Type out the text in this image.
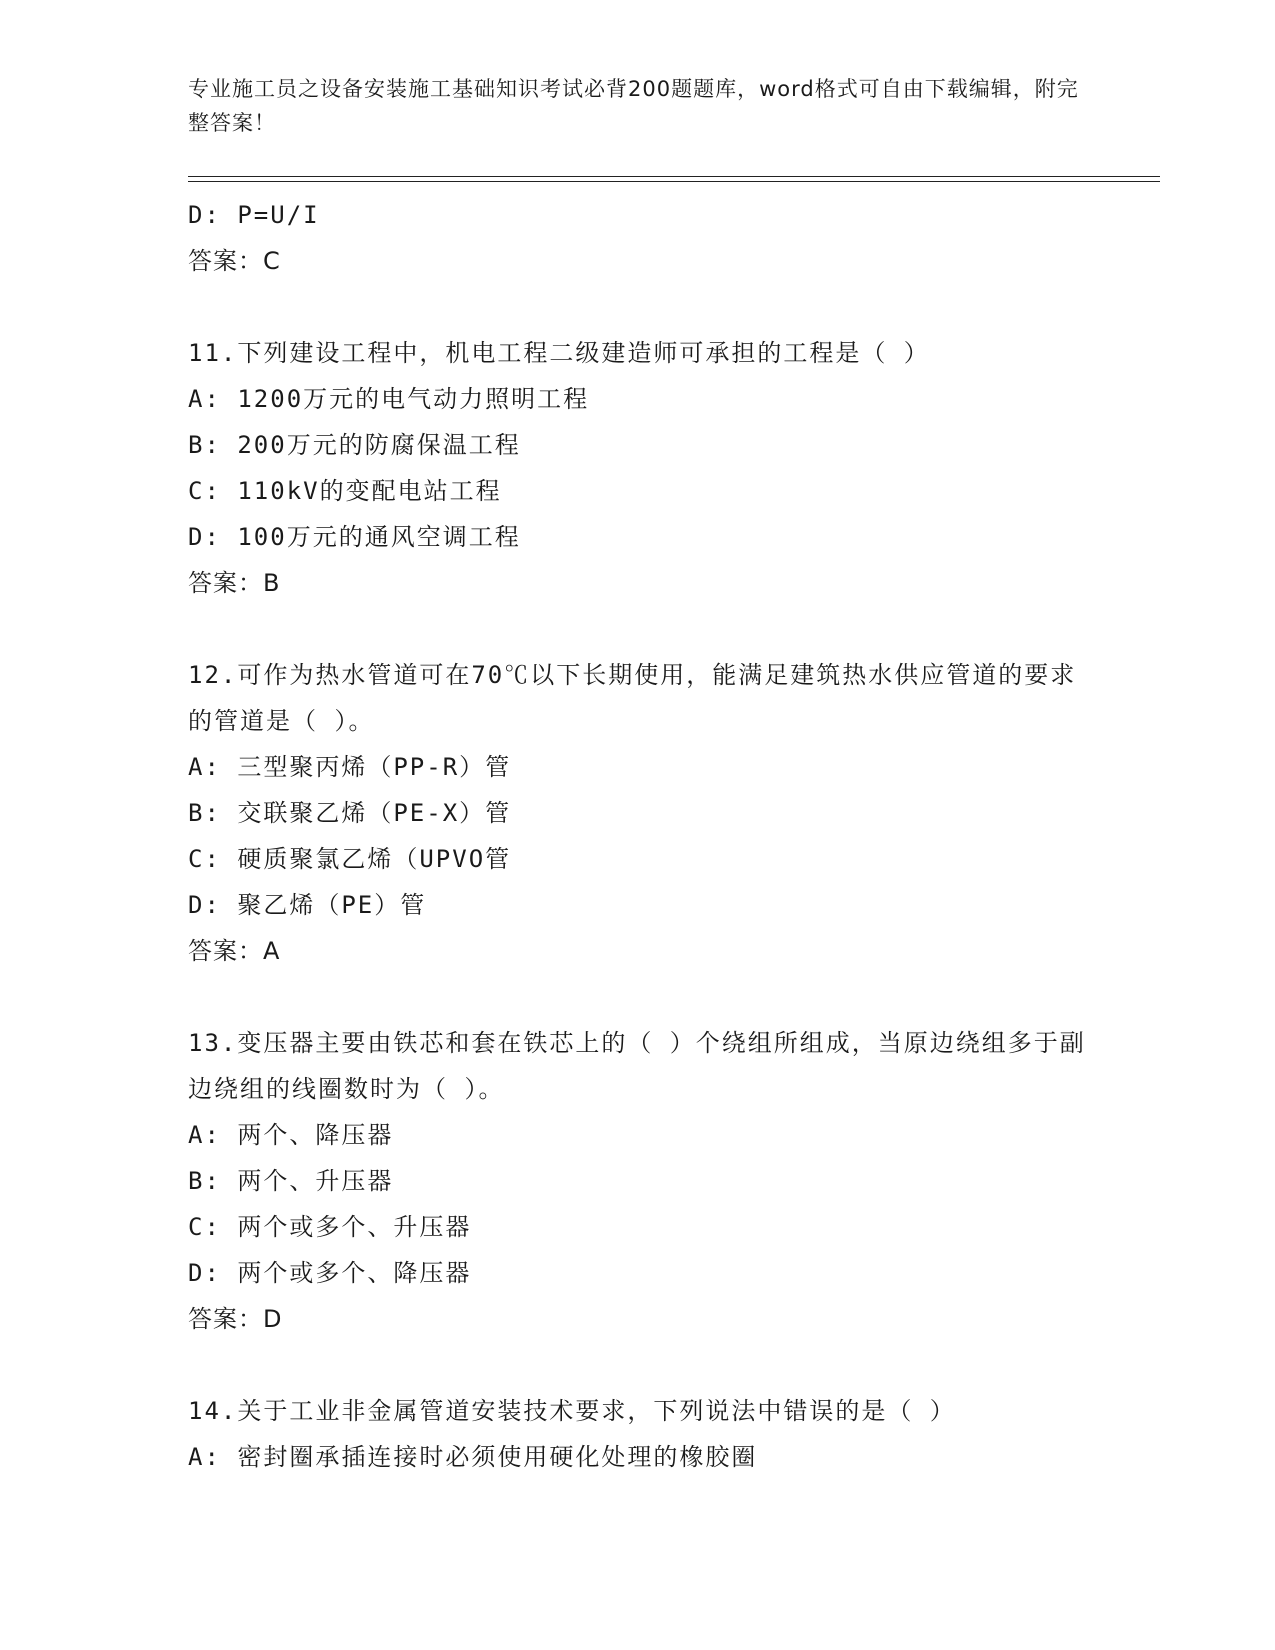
专业施工员之设备安装施工基础知识考试必背200题题库，word格式可自由下载编辑，附完整答案！
D: P=U/I
答案：C
11.下列建设工程中，机电工程二级建造师可承担的工程是（ ）
A: 1200万元的电气动力照明工程
B: 200万元的防腐保温工程
C: 110kV的变配电站工程
D: 100万元的通风空调工程
答案：B
12.可作为热水管道可在70℃以下长期使用，能满足建筑热水供应管道的要求的管道是（ ）。
A: 三型聚丙烯（PP-R）管
B: 交联聚乙烯（PE-X）管
C: 硬质聚氯乙烯（UPVO管
D: 聚乙烯（PE）管
答案：A
13.变压器主要由铁芯和套在铁芯上的（ ）个绕组所组成，当原边绕组多于副边绕组的线圈数时为（ ）。
A: 两个、降压器
B: 两个、升压器
C: 两个或多个、升压器
D: 两个或多个、降压器
答案：D
14.关于工业非金属管道安装技术要求，下列说法中错误的是（ ）
A: 密封圈承插连接时必须使用硬化处理的橡胶圈
